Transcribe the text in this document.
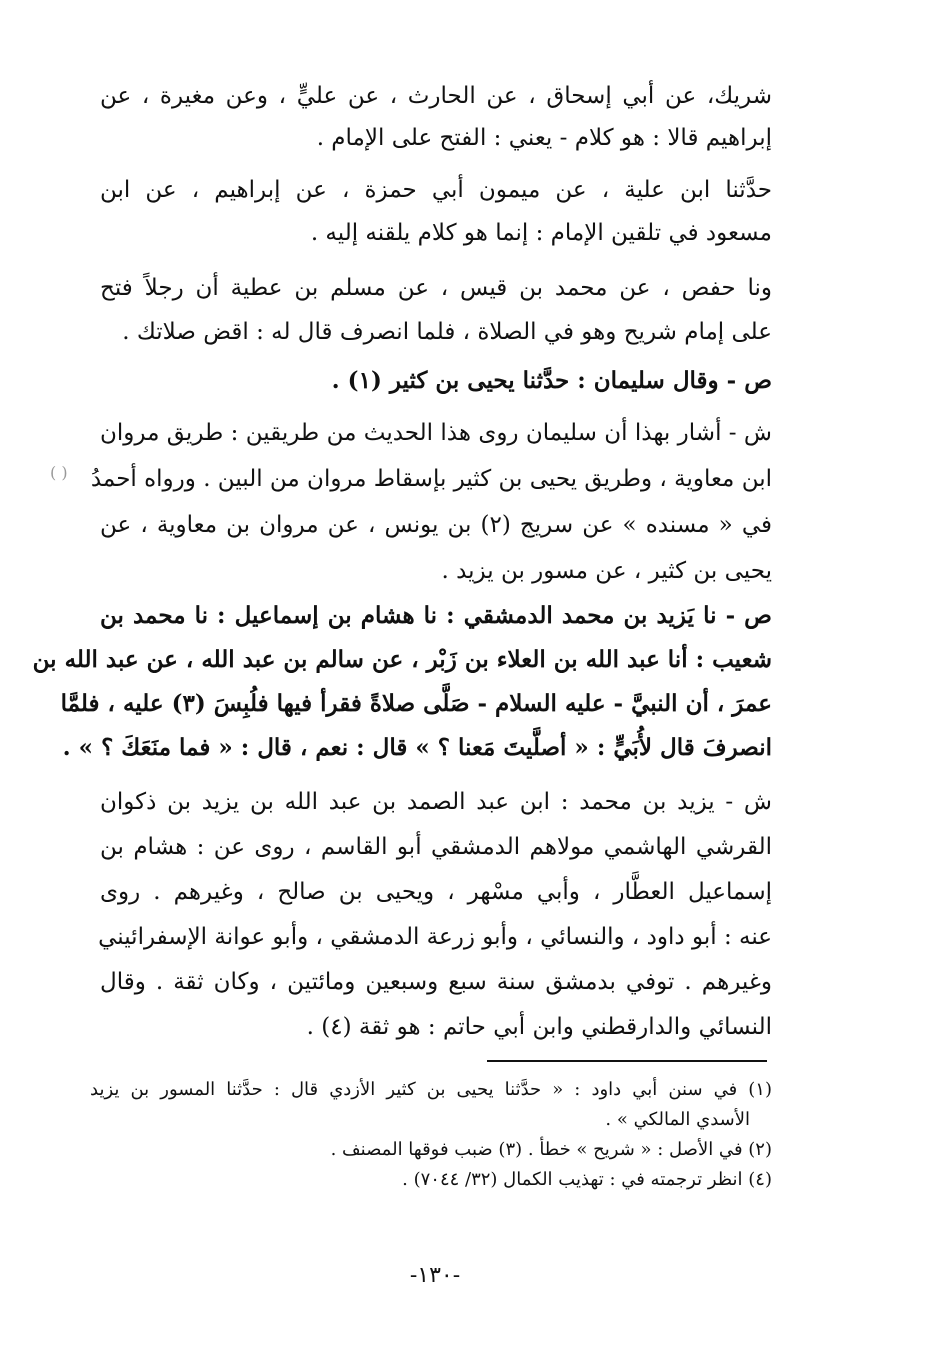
شريك، عن أبي إسحاق ، عن الحارث ، عن عليٍّ ، وعن مغيرة ، عن
إبراهيم قالا : هو كلام - يعني : الفتح على الإمام .
حدَّثنا ابن علية ، عن ميمون أبي حمزة ، عن إبراهيم ، عن ابن
مسعود في تلقين الإمام : إنما هو كلام يلقنه إليه .
ونا حفص ، عن محمد بن قيس ، عن مسلم بن عطية أن رجلاً فتح
على إمام شريح وهو في الصلاة ، فلما انصرف قال له : اقض صلاتك .
ص - وقال سليمان : حدَّثنا يحيى بن كثير (١) .
ش - أشار بهذا أن سليمان روى هذا الحديث من طريقين : طريق مروان
ابن معاوية ، وطريق يحيى بن كثير بإسقاط مروان من البين . ورواه أحمدُ
في « مسنده » عن سريج (٢) بن يونس ، عن مروان بن معاوية ، عن
يحيى بن كثير ، عن مسور بن يزيد .
ص - نا يَزيد بن محمد الدمشقي : نا هشام بن إسماعيل : نا محمد بن
شعيب : أنا عبد الله بن العلاء بن زَبْر ، عن سالم بن عبد الله ، عن عبد الله بن
عمرَ ، أن النبيَّ - عليه السلام - صَلَّى صلاةً فقرأ فيها فلُبِسَ (٣) عليه ، فلمَّا
انصرفَ قال لأُبَيٍّ : « أصلَّيتَ مَعنا ؟ » قال : نعم ، قال : « فما منَعَكَ ؟ » .
ش - يزيد بن محمد : ابن عبد الصمد بن عبد الله بن يزيد بن ذكوان
القرشي الهاشمي مولاهم الدمشقي أبو القاسم ، روى عن : هشام بن
إسماعيل العطَّار ، وأبي مسْهر ، ويحيى بن صالح ، وغيرهم . روى
عنه : أبو داود ، والنسائي ، وأبو زرعة الدمشقي ، وأبو عوانة الإسفرائيني
وغيرهم . توفي بدمشق سنة سبع وسبعين ومائتين ، وكان ثقة . وقال
النسائي والدارقطني وابن أبي حاتم : هو ثقة (٤) .
( )
(١) في سنن أبي داود : « حدَّثنا يحيى بن كثير الأزدي قال : حدَّثنا المسور بن يزيد
الأسدي المالكي » .
(٢) في الأصل : « شريح » خطأ . (٣) ضبب فوقها المصنف .
(٤) انظر ترجمته في : تهذيب الكمال (٣٢/ ٧٠٤٤) .
-١٣٠-
